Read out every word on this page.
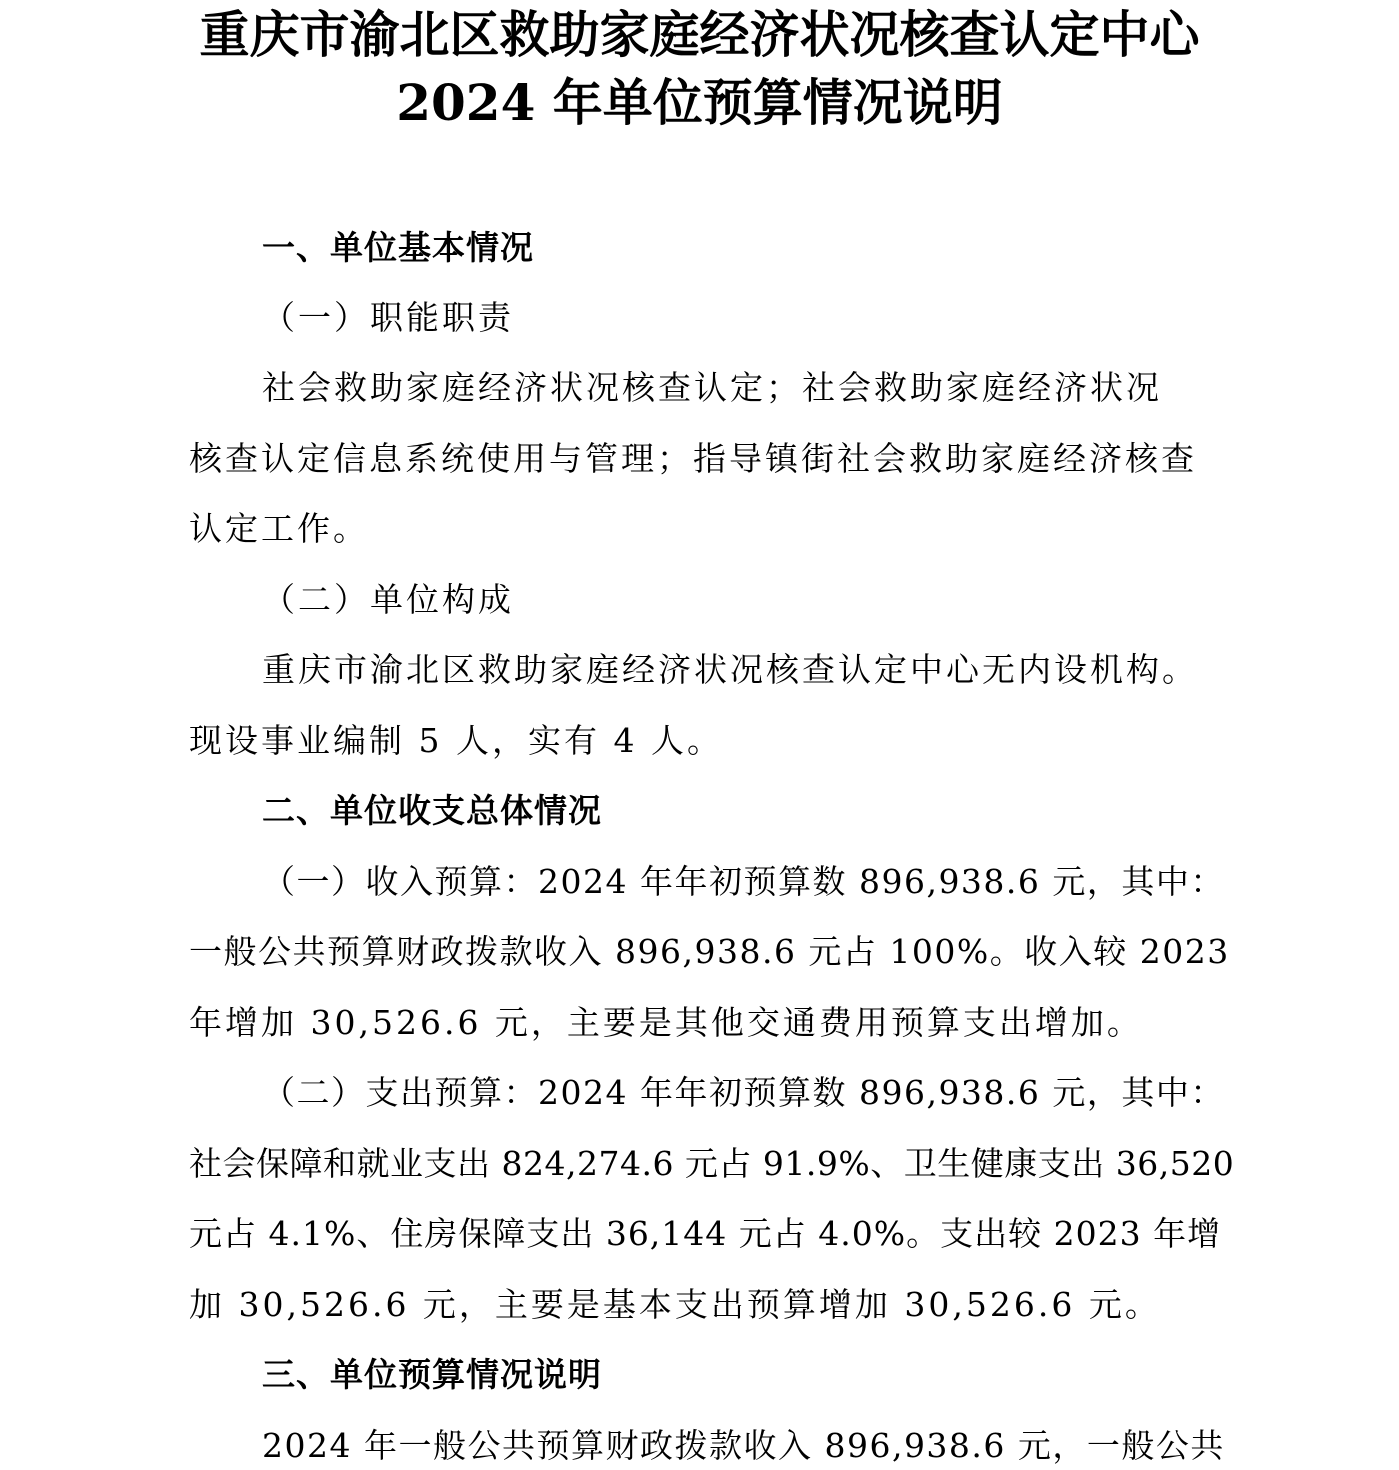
重庆市渝北区救助家庭经济状况核查认定中心
2024 年单位预算情况说明
一、单位基本情况
（一）职能职责
社会救助家庭经济状况核查认定；社会救助家庭经济状况
核查认定信息系统使用与管理；指导镇街社会救助家庭经济核查
认定工作。
（二）单位构成
重庆市渝北区救助家庭经济状况核查认定中心无内设机构。
现设事业编制 5 人，实有 4 人。
二、单位收支总体情况
（一）收入预算：2024 年年初预算数 896,938.6 元，其中：
一般公共预算财政拨款收入 896,938.6 元占 100%。收入较 2023
年增加 30,526.6 元，主要是其他交通费用预算支出增加。
（二）支出预算：2024 年年初预算数 896,938.6 元，其中：
社会保障和就业支出 824,274.6 元占 91.9%、卫生健康支出 36,520
元占 4.1%、住房保障支出 36,144 元占 4.0%。支出较 2023 年增
加 30,526.6 元，主要是基本支出预算增加 30,526.6 元。
三、单位预算情况说明
2024 年一般公共预算财政拨款收入 896,938.6 元，一般公共
